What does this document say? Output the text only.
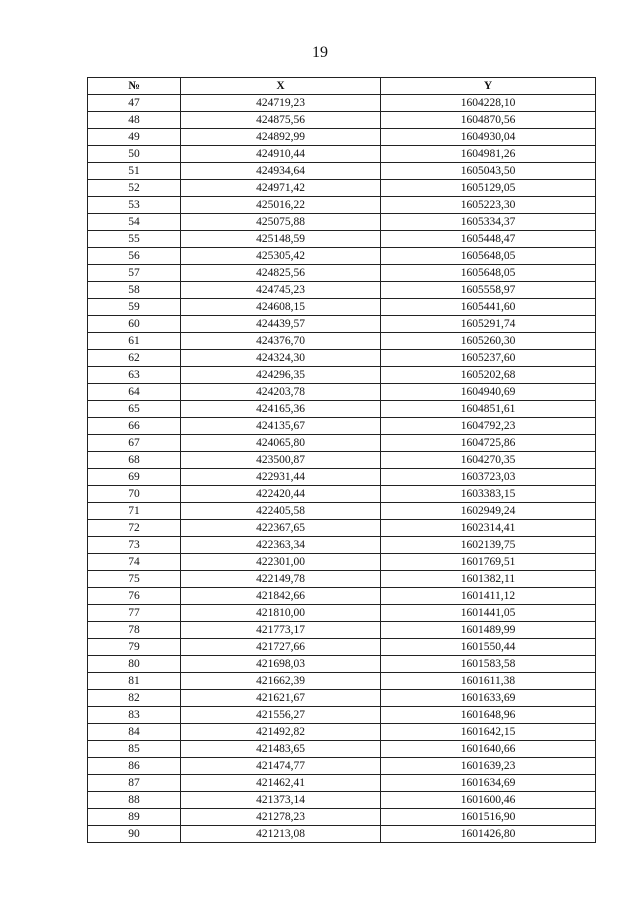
19
№	X	Y
47	424719,23	1604228,10
48	424875,56	1604870,56
49	424892,99	1604930,04
50	424910,44	1604981,26
51	424934,64	1605043,50
52	424971,42	1605129,05
53	425016,22	1605223,30
54	425075,88	1605334,37
55	425148,59	1605448,47
56	425305,42	1605648,05
57	424825,56	1605648,05
58	424745,23	1605558,97
59	424608,15	1605441,60
60	424439,57	1605291,74
61	424376,70	1605260,30
62	424324,30	1605237,60
63	424296,35	1605202,68
64	424203,78	1604940,69
65	424165,36	1604851,61
66	424135,67	1604792,23
67	424065,80	1604725,86
68	423500,87	1604270,35
69	422931,44	1603723,03
70	422420,44	1603383,15
71	422405,58	1602949,24
72	422367,65	1602314,41
73	422363,34	1602139,75
74	422301,00	1601769,51
75	422149,78	1601382,11
76	421842,66	1601411,12
77	421810,00	1601441,05
78	421773,17	1601489,99
79	421727,66	1601550,44
80	421698,03	1601583,58
81	421662,39	1601611,38
82	421621,67	1601633,69
83	421556,27	1601648,96
84	421492,82	1601642,15
85	421483,65	1601640,66
86	421474,77	1601639,23
87	421462,41	1601634,69
88	421373,14	1601600,46
89	421278,23	1601516,90
90	421213,08	1601426,80
